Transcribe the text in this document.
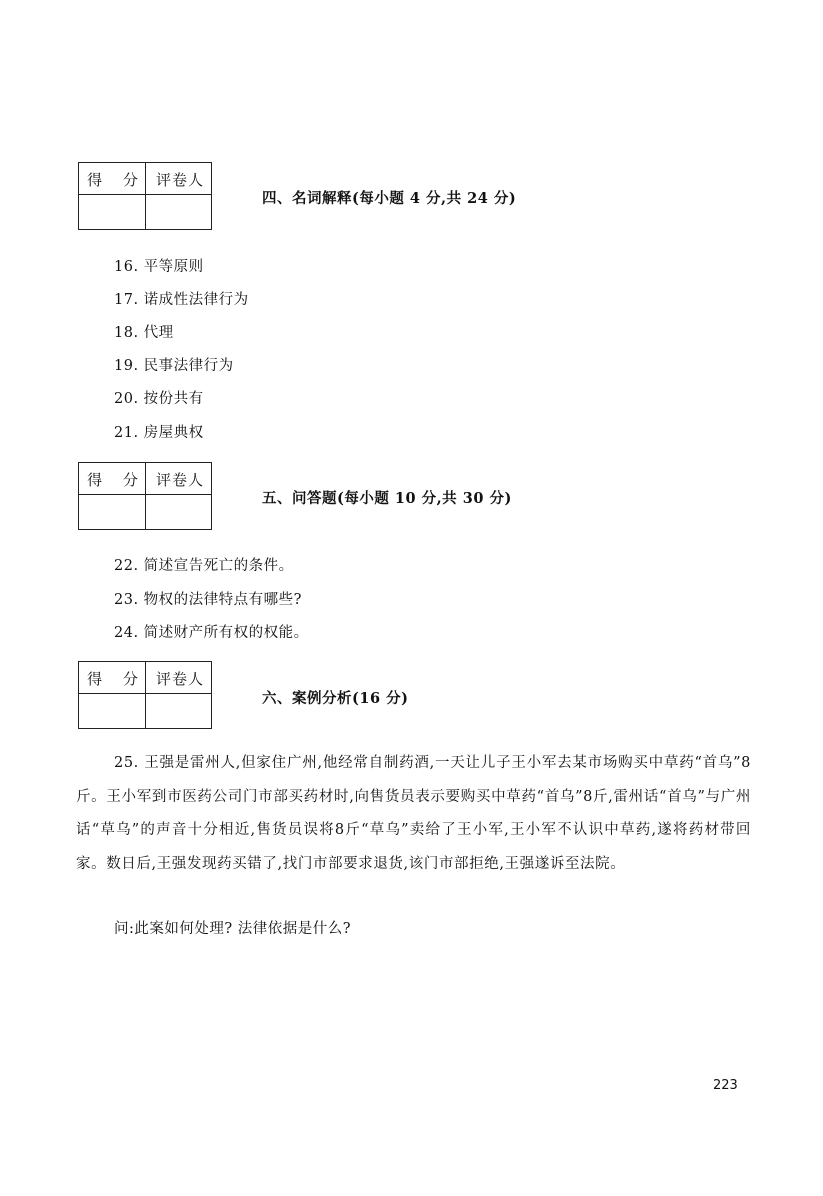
得 分	评卷人
四、名词解释(每小题 4 分,共 24 分)
16. 平等原则
17. 诺成性法律行为
18. 代理
19. 民事法律行为
20. 按份共有
21. 房屋典权
得 分	评卷人
五、问答题(每小题 10 分,共 30 分)
22. 简述宣告死亡的条件。
23. 物权的法律特点有哪些?
24. 简述财产所有权的权能。
得 分	评卷人
六、案例分析(16 分)
25. 王强是雷州人,但家住广州,他经常自制药酒,一天让儿子王小军去某市场购买中草药“首乌”8斤。王小军到市医药公司门市部买药材时,向售货员表示要购买中草药“首乌”8斤,雷州话“首乌”与广州话“草乌”的声音十分相近,售货员误将8斤“草乌”卖给了王小军,王小军不认识中草药,遂将药材带回家。数日后,王强发现药买错了,找门市部要求退货,该门市部拒绝,王强遂诉至法院。
问:此案如何处理? 法律依据是什么?
223
